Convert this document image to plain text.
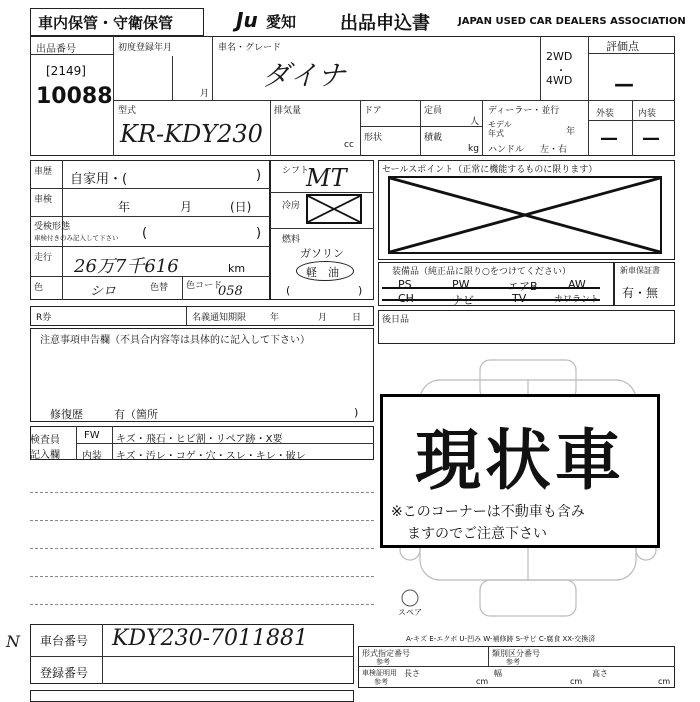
車内保管・守衛保管	Ju 愛知 出品申込書	JAPAN USED CAR DEALERS ASSOCIATION
出品番号
[2149]
10088
初度登録年月
月
車名・グレード
ダイナ
2WD
・
4WD
評価点
—
外装	内装
— —
型式
KR-KDY230
排気量
cc
ドア	定員
人
形状	積載
kg
ディーラー・並行
モデル年式	年
ハンドル 左・右
車歴 自家用・(	)
車検	年	月	(日)
受検形態
車検付きのみ記入して下さい (	)
走行 26万7千616	km
色	シロ	色替 色コード
058
シフト
MT
冷房
燃料
ガソリン
軽　油
(	)
セールスポイント（正常に機能するものに限ります）
装備品（純正品に限り○をつけてください）
PS	PW	エアB	AW
CH	ナビ	TV	カワラント
新車保証書
有・無
R券	名義通知期限	年	月	日 後日品
注意事項申告欄（不具合内容等は具体的に記入して下さい）
修復歴	有（箇所	)
検査員
記入欄
FW キズ・飛石・ヒビ割・リペア跡・X要
内装 キズ・汚レ・コゲ・穴・スレ・キレ・破レ
スペア
現状車
※このコーナーは不動車も含み
ますのでご注意下さい
A-キズ E-エクボ U-凹み W-補修跡 S-サビ C-腐食 XX-交換済
車台番号 KDY230-7011881
登録番号
N
形式指定番号
参考
類別区分番号
参考
車検証明用
参考
長さ
cm
幅
cm
高さ
cm
